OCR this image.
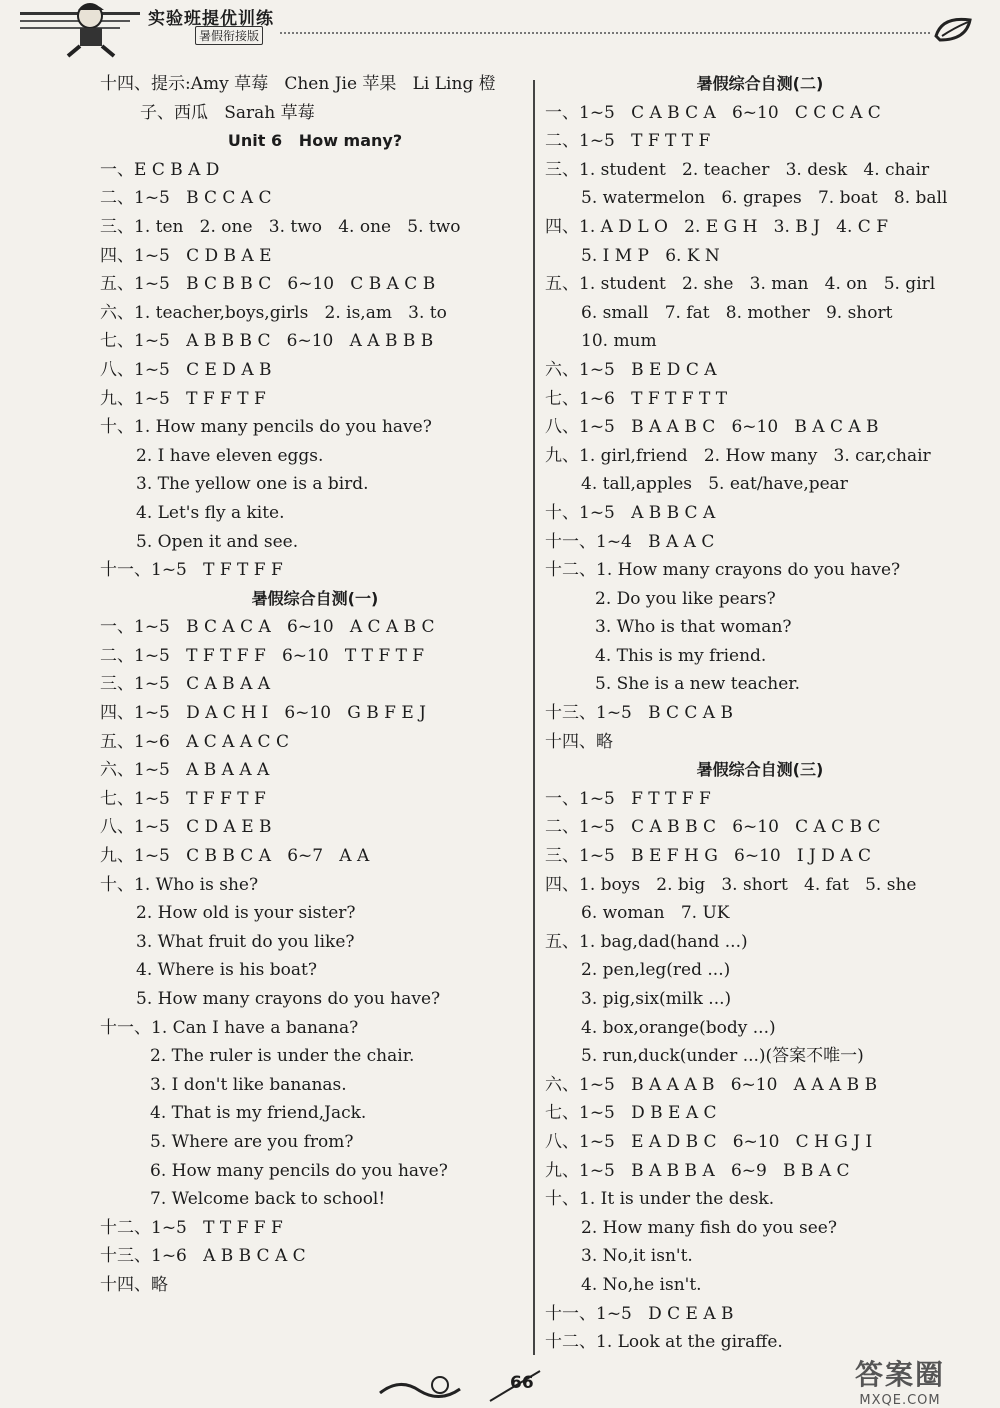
实验班提优训练
暑假衔接版
十四、提示:Amy 草莓   Chen Jie 苹果   Li Ling 橙
子、西瓜   Sarah 草莓
Unit 6   How many?
一、E C B A D
二、1~5   B C C A C
三、1. ten   2. one   3. two   4. one   5. two
四、1~5   C D B A E
五、1~5   B C B B C   6~10   C B A C B
六、1. teacher,boys,girls   2. is,am   3. to
七、1~5   A B B B C   6~10   A A B B B
八、1~5   C E D A B
九、1~5   T F F T F
十、1. How many pencils do you have?
2. I have eleven eggs.
3. The yellow one is a bird.
4. Let's fly a kite.
5. Open it and see.
十一、1~5   T F T F F
暑假综合自测(一)
一、1~5   B C A C A   6~10   A C A B C
二、1~5   T F T F F   6~10   T T F T F
三、1~5   C A B A A
四、1~5   D A C H I   6~10   G B F E J
五、1~6   A C A A C C
六、1~5   A B A A A
七、1~5   T F F T F
八、1~5   C D A E B
九、1~5   C B B C A   6~7   A A
十、1. Who is she?
2. How old is your sister?
3. What fruit do you like?
4. Where is his boat?
5. How many crayons do you have?
十一、1. Can I have a banana?
2. The ruler is under the chair.
3. I don't like bananas.
4. That is my friend,Jack.
5. Where are you from?
6. How many pencils do you have?
7. Welcome back to school!
十二、1~5   T T F F F
十三、1~6   A B B C A C
十四、略
暑假综合自测(二)
一、1~5   C A B C A   6~10   C C C A C
二、1~5   T F T T F
三、1. student   2. teacher   3. desk   4. chair
5. watermelon   6. grapes   7. boat   8. ball
四、1. A D L O   2. E G H   3. B J   4. C F
5. I M P   6. K N
五、1. student   2. she   3. man   4. on   5. girl
6. small   7. fat   8. mother   9. short
10. mum
六、1~5   B E D C A
七、1~6   T F T F T T
八、1~5   B A A B C   6~10   B A C A B
九、1. girl,friend   2. How many   3. car,chair
4. tall,apples   5. eat/have,pear
十、1~5   A B B C A
十一、1~4   B A A C
十二、1. How many crayons do you have?
2. Do you like pears?
3. Who is that woman?
4. This is my friend.
5. She is a new teacher.
十三、1~5   B C C A B
十四、略
暑假综合自测(三)
一、1~5   F T T F F
二、1~5   C A B B C   6~10   C A C B C
三、1~5   B E F H G   6~10   I J D A C
四、1. boys   2. big   3. short   4. fat   5. she
6. woman   7. UK
五、1. bag,dad(hand ...)
2. pen,leg(red ...)
3. pig,six(milk ...)
4. box,orange(body ...)
5. run,duck(under ...)(答案不唯一)
六、1~5   B A A A B   6~10   A A A B B
七、1~5   D B E A C
八、1~5   E A D B C   6~10   C H G J I
九、1~5   B A B B A   6~9   B B A C
十、1. It is under the desk.
2. How many fish do you see?
3. No,it isn't.
4. No,he isn't.
十一、1~5   D C E A B
十二、1. Look at the giraffe.
66	答案圈
MXQE.COM
